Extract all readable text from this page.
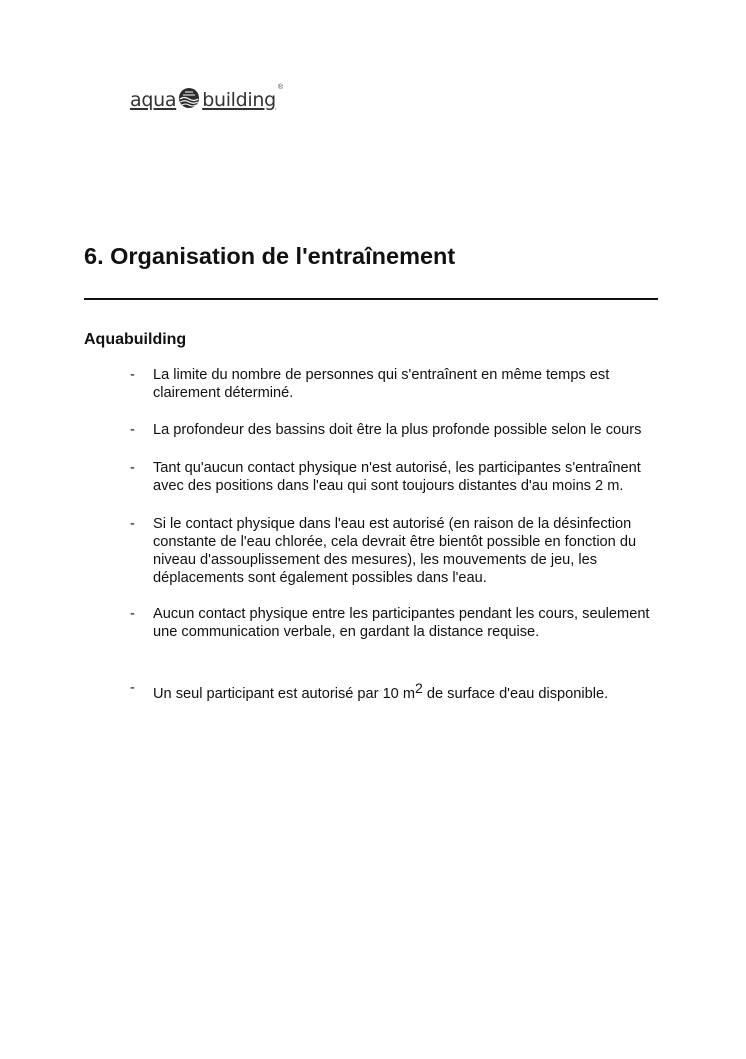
aqua building
®
6. Organisation de l'entraînement
Aquabuilding
-	La limite du nombre de personnes qui s'entraînent en même temps est clairement déterminé.
-	La profondeur des bassins doit être la plus profonde possible selon le cours
-	Tant qu'aucun contact physique n'est autorisé, les participantes s'entraînent avec des positions dans l'eau qui sont toujours distantes d'au moins 2 m.
-	Si le contact physique dans l'eau est autorisé (en raison de la désinfection constante de l'eau chlorée, cela devrait être bientôt possible en fonction du niveau d'assouplissement des mesures), les mouvements de jeu, les déplacements sont également possibles dans l'eau.
-	Aucun contact physique entre les participantes pendant les cours, seulement une communication verbale, en gardant la distance requise.
-	Un seul participant est autorisé par 10 m2 de surface d'eau disponible.
